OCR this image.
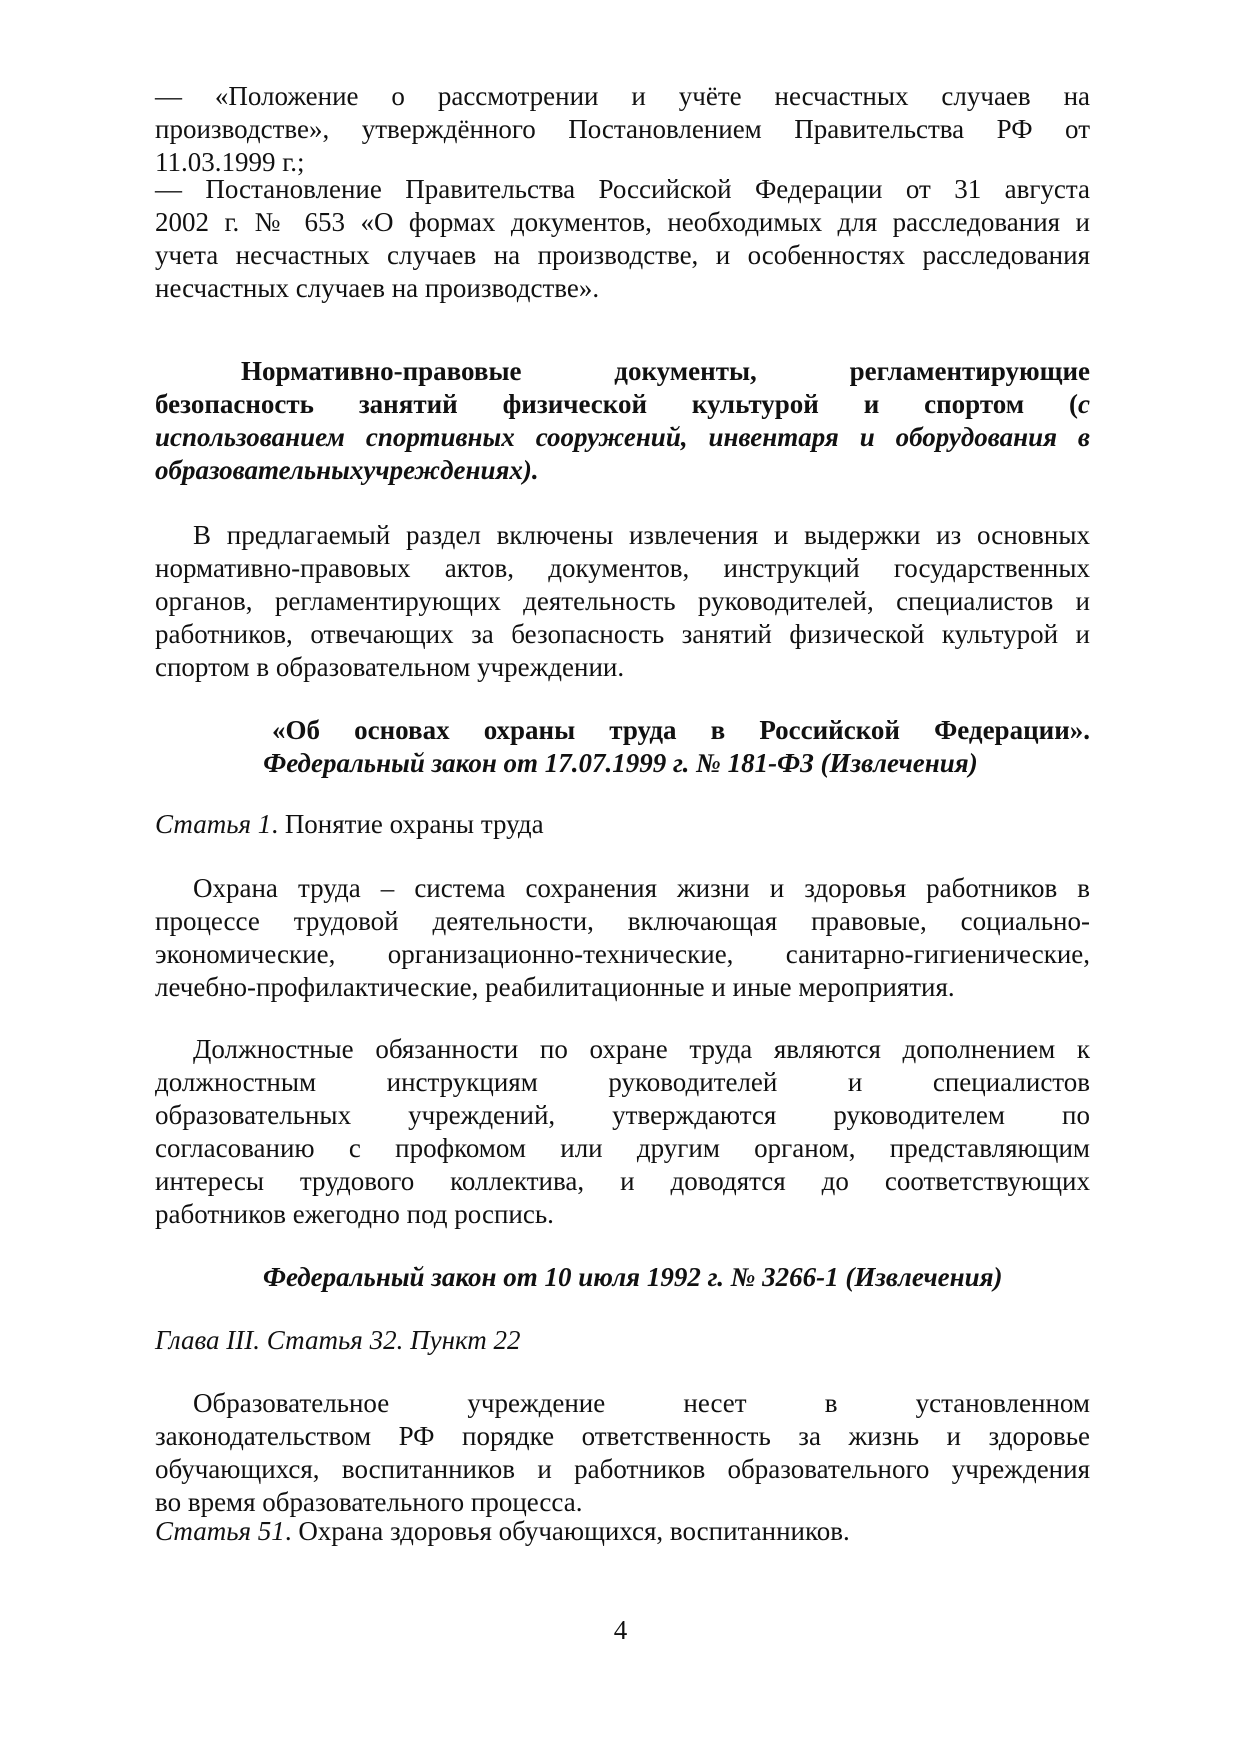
— «Положение о рассмотрении и учёте несчастных случаев на
производстве», утверждённого Постановлением Правительства РФ от
11.03.1999 г.;
— Постановление Правительства Российской Федерации от 31 августа
2002 г. № 653 «О формах документов, необходимых для расследования и
учета несчастных случаев на производстве, и особенностях расследования
несчастных случаев на производстве».
Нормативно-правовые документы, регламентирующие
безопасность занятий физической культурой и спортом (с
использованием спортивных сооружений, инвентаря и оборудования в
образовательныхучреждениях).
В предлагаемый раздел включены извлечения и выдержки из основных
нормативно-правовых актов, документов, инструкций государственных
органов, регламентирующих деятельность руководителей, специалистов и
работников, отвечающих за безопасность занятий физической культурой и
спортом в образовательном учреждении.
«Об основах охраны труда в Российской Федерации».
Федеральный закон от 17.07.1999 г. № 181-ФЗ (Извлечения)
Статья 1. Понятие охраны труда
Охрана труда – система сохранения жизни и здоровья работников в
процессе трудовой деятельности, включающая правовые, социально-
экономические, организационно-технические, санитарно-гигиенические,
лечебно-профилактические, реабилитационные и иные мероприятия.
Должностные обязанности по охране труда являются дополнением к
должностным инструкциям руководителей и специалистов
образовательных учреждений, утверждаются руководителем по
согласованию с профкомом или другим органом, представляющим
интересы трудового коллектива, и доводятся до соответствующих
работников ежегодно под роспись.
Федеральный закон от 10 июля 1992 г. № 3266-1 (Извлечения)
Глава III. Статья 32. Пункт 22
Образовательное учреждение несет в установленном
законодательством РФ порядке ответственность за жизнь и здоровье
обучающихся, воспитанников и работников образовательного учреждения
во время образовательного процесса.
Статья 51. Охрана здоровья обучающихся, воспитанников.
4
